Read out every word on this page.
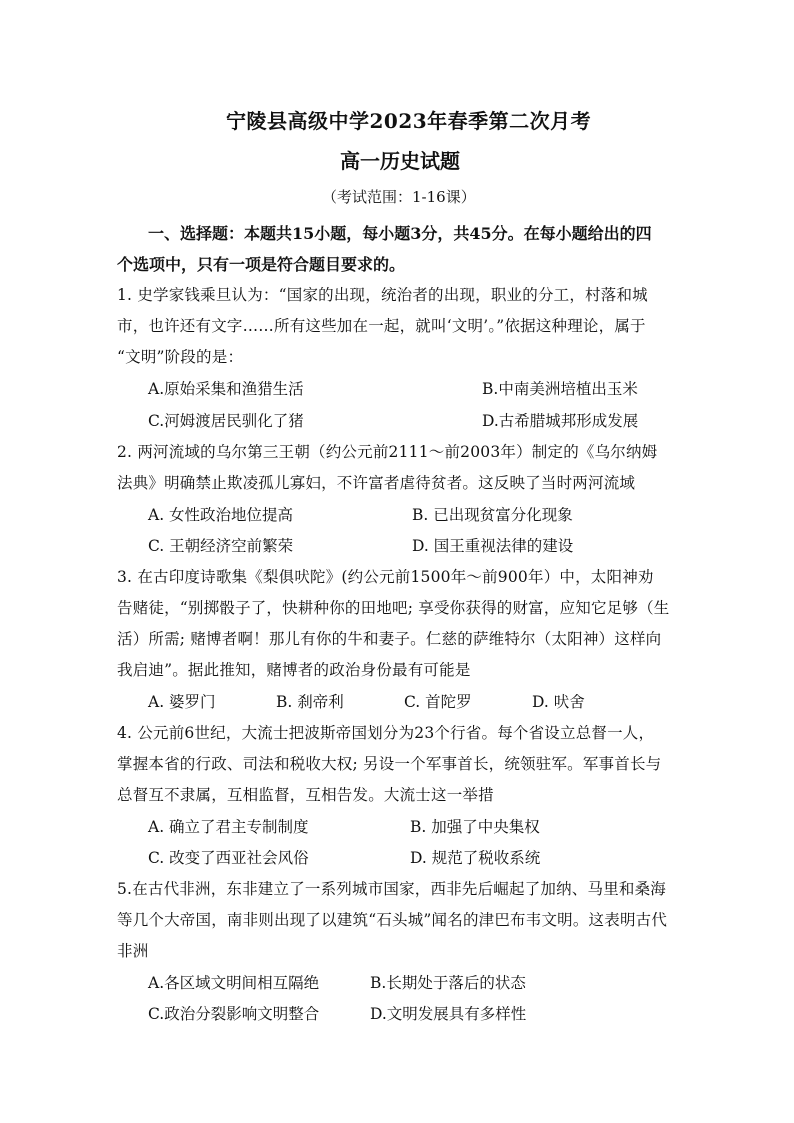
宁陵县高级中学2023年春季第二次月考
高一历史试题
（考试范围：1-16课）
一、选择题：本题共15小题，每小题3分，共45分。在每小题给出的四
个选项中，只有一项是符合题目要求的。
1. 史学家钱乘旦认为：“国家的出现，统治者的出现，职业的分工，村落和城
市，也许还有文字……所有这些加在一起，就叫‘文明’。”依据这种理论，属于
“文明”阶段的是：
A.原始采集和渔猎生活	B.中南美洲培植出玉米
C.河姆渡居民驯化了猪	D.古希腊城邦形成发展
2. 两河流域的乌尔第三王朝（约公元前2111～前2003年）制定的《乌尔纳姆
法典》明确禁止欺凌孤儿寡妇，不许富者虐待贫者。这反映了当时两河流域
A. 女性政治地位提高	B. 已出现贫富分化现象
C. 王朝经济空前繁荣	D. 国王重视法律的建设
3. 在古印度诗歌集《梨俱吠陀》(约公元前1500年～前900年）中，太阳神劝
告赌徒，“别掷骰子了，快耕种你的田地吧; 享受你获得的财富，应知它足够（生
活）所需; 赌博者啊！那儿有你的牛和妻子。仁慈的萨维特尔（太阳神）这样向
我启迪”。据此推知，赌博者的政治身份最有可能是
A. 婆罗门	B. 刹帝利	C. 首陀罗	D. 吠舍
4. 公元前6世纪，大流士把波斯帝国划分为23个行省。每个省设立总督一人，
掌握本省的行政、司法和税收大权; 另设一个军事首长，统领驻军。军事首长与
总督互不隶属，互相监督，互相告发。大流士这一举措
A. 确立了君主专制制度	B. 加强了中央集权
C. 改变了西亚社会风俗	D. 规范了税收系统
5.在古代非洲，东非建立了一系列城市国家，西非先后崛起了加纳、马里和桑海
等几个大帝国，南非则出现了以建筑“石头城”闻名的津巴布韦文明。这表明古代
非洲
A.各区域文明间相互隔绝	B.长期处于落后的状态
C.政治分裂影响文明整合	D.文明发展具有多样性
